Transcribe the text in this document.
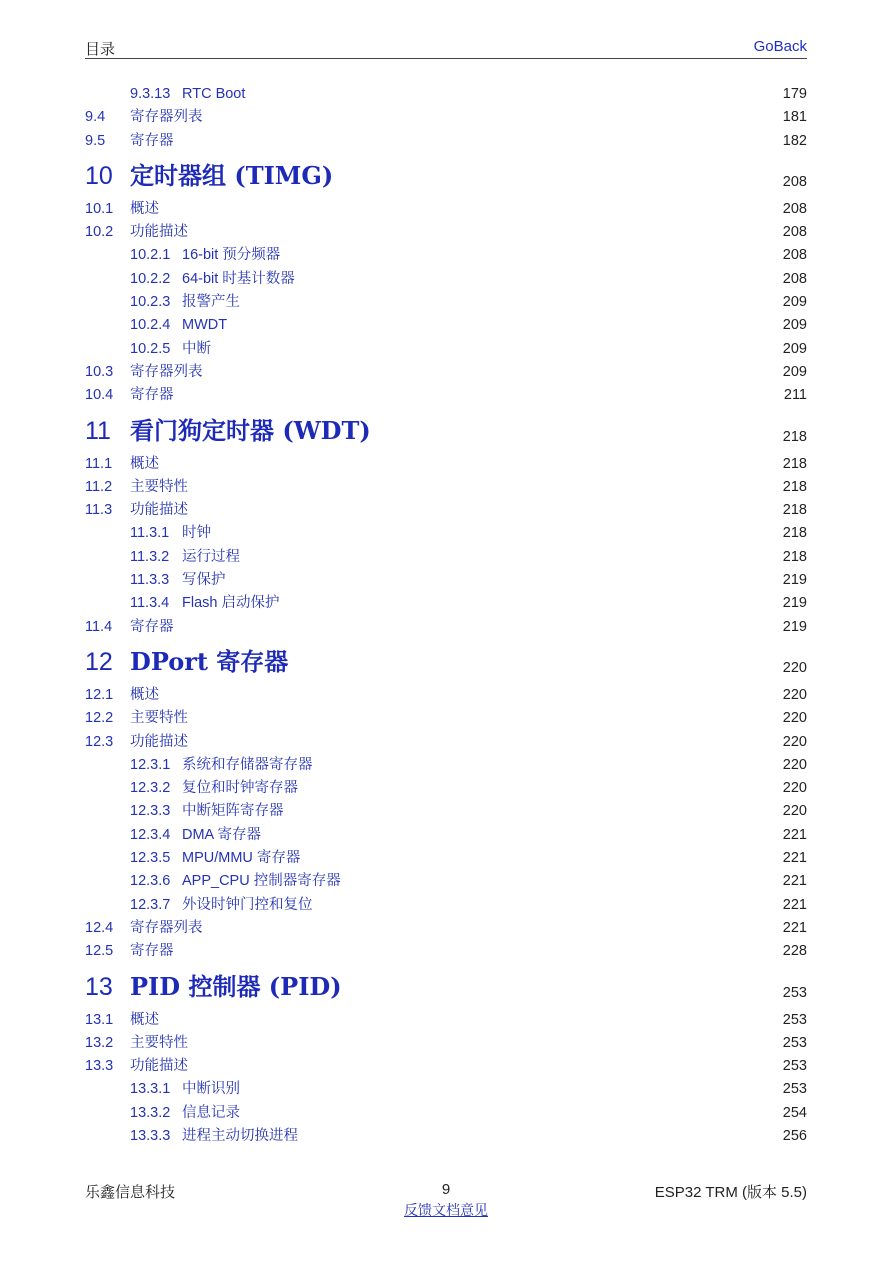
目录	GoBack
9.3.13 RTC Boot	179
9.4 寄存器列表	181
9.5 寄存器	182
10 定时器组 (TIMG)	208
10.1 概述	208
10.2 功能描述	208
10.2.1 16-bit 预分频器	208
10.2.2 64-bit 时基计数器	208
10.2.3 报警产生	209
10.2.4 MWDT	209
10.2.5 中断	209
10.3 寄存器列表	209
10.4 寄存器	211
11 看门狗定时器 (WDT)	218
11.1 概述	218
11.2 主要特性	218
11.3 功能描述	218
11.3.1 时钟	218
11.3.2 运行过程	218
11.3.3 写保护	219
11.3.4 Flash 启动保护	219
11.4 寄存器	219
12 DPort 寄存器	220
12.1 概述	220
12.2 主要特性	220
12.3 功能描述	220
12.3.1 系统和存储器寄存器	220
12.3.2 复位和时钟寄存器	220
12.3.3 中断矩阵寄存器	220
12.3.4 DMA 寄存器	221
12.3.5 MPU/MMU 寄存器	221
12.3.6 APP_CPU 控制器寄存器	221
12.3.7 外设时钟门控和复位	221
12.4 寄存器列表	221
12.5 寄存器	228
13 PID 控制器 (PID)	253
13.1 概述	253
13.2 主要特性	253
13.3 功能描述	253
13.3.1 中断识别	253
13.3.2 信息记录	254
13.3.3 进程主动切换进程	256
乐鑫信息科技	9	ESP32 TRM (版本 5.5)
反馈文档意见
